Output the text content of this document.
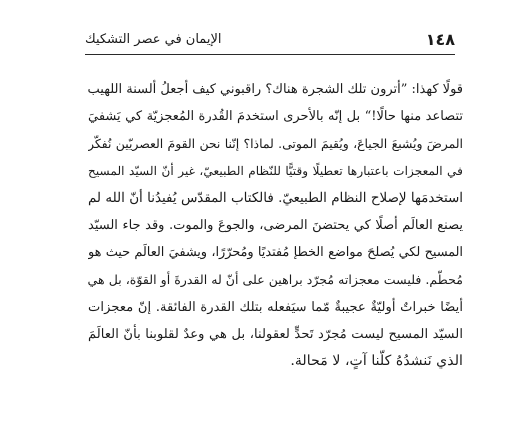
الإيمان في عصر التشكيك	١٤٨
قولًا كهذا: ”أترون تلك الشجرة هناك؟ راقبوني كيف أجعلُ ألسنة اللهيب
تتصاعد منها حالًا!“ بل إنّه بالأحرى استخدمَ القُدرة المُعجزيّة كي يَشفيَ
المرضَ ويُشبعَ الجياعَ، ويُقيمَ الموتى. لماذا؟ إنّنا نحن القومَ العصريّين نُفكّر
في المعجزات باعتبارها تعطيلًا وقتيًّا للنّظام الطبيعيّ، غير أنّ السيّد المسيح
استخدمَها لإصلاح النظام الطبيعيّ. فالكتاب المقدّس يُفيدُنا أنّ الله لم
يصنع العالَم أصلًا كي يحتضنَ المرضى، والجوعَ والموت. وقد جاء السيّد
المسيح لكي يُصلحَ مواضع الخطإ مُفتديًا ومُحرّرًا، ويشفيَ العالَم حيث هو
مُحطّم. فليست معجزاته مُجرّد براهين على أنّ له القدرةَ أو القوّة، بل هي
أيضًا خبراتٌ أوليّةٌ عجيبةٌ مّما سيَفعله بتلك القدرة الفائقة. إنّ معجزات
السيّد المسيح ليست مُجرّد تَحدٍّ لعقولنا، بل هي وعدٌ لقلوبنا بأنّ العالَمَ
الذي نَنشدُهُ كلّنا آتٍ، لا مَحالة.
